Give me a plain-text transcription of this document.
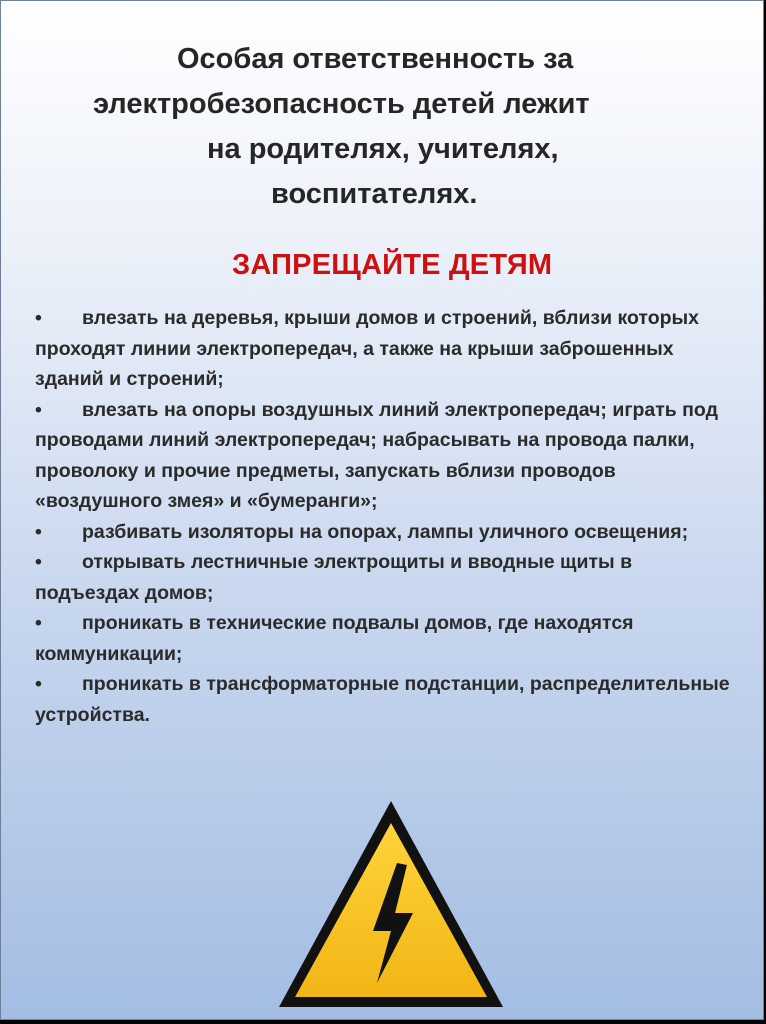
Особая ответственность за
электробезопасность детей лежит
на родителях, учителях,
воспитателях.
ЗАПРЕЩАЙТЕ ДЕТЯМ
• влезать на деревья, крыши домов и строений, вблизи которых проходят линии электропередач, а также на крыши заброшенных зданий и строений;
• влезать на опоры воздушных линий электропередач; играть под проводами линий электропередач; набрасывать на провода палки, проволоку и прочие предметы, запускать вблизи проводов «воздушного змея» и «бумеранги»;
• разбивать изоляторы на опорах, лампы уличного освещения;
• открывать лестничные электрощиты и вводные щиты в подъездах домов;
• проникать в технические подвалы домов, где находятся коммуникации;
• проникать в трансформаторные подстанции, распределительные устройства.
